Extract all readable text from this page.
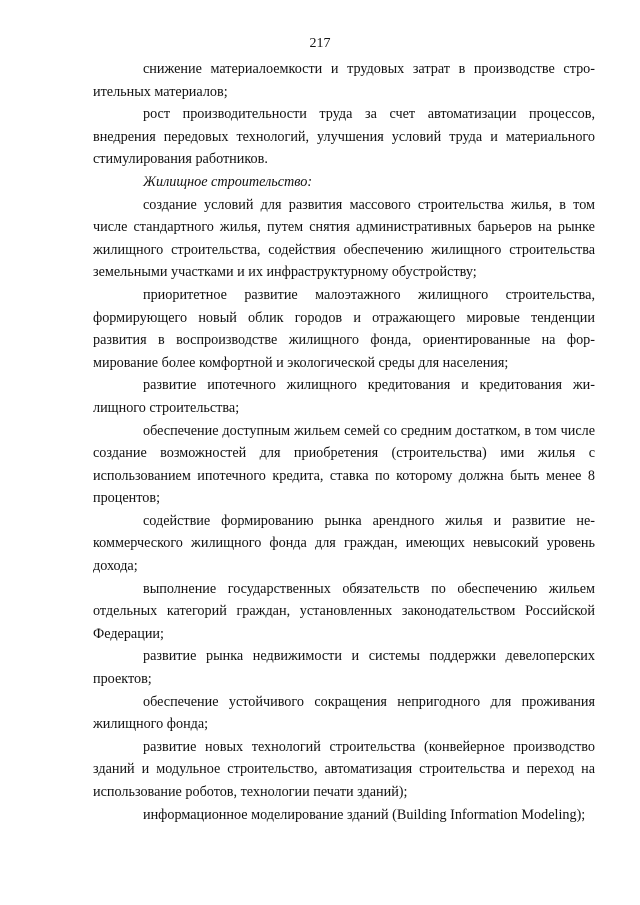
217

снижение материалоемкости и трудовых затрат в производстве строительных материалов;

рост производительности труда за счет автоматизации процессов, внедрения передовых технологий, улучшения условий труда и материального стимулирования работников.

Жилищное строительство:

создание условий для развития массового строительства жилья, в том числе стандартного жилья, путем снятия административных барьеров на рынке жилищного строительства, содействия обеспечению жилищного строительства земельными участками и их инфраструктурному обустройству;

приоритетное развитие малоэтажного жилищного строительства, формирующего новый облик городов и отражающего мировые тенденции развития в воспроизводстве жилищного фонда, ориентированные на формирование более комфортной и экологической среды для населения;

развитие ипотечного жилищного кредитования и кредитования жилищного строительства;

обеспечение доступным жильем семей со средним достатком, в том числе создание возможностей для приобретения (строительства) ими жилья с использованием ипотечного кредита, ставка по которому должна быть менее 8 процентов;

содействие формированию рынка арендного жилья и развитие некоммерческого жилищного фонда для граждан, имеющих невысокий уровень дохода;

выполнение государственных обязательств по обеспечению жильем отдельных категорий граждан, установленных законодательством Российской Федерации;

развитие рынка недвижимости и системы поддержки девелоперских проектов;

обеспечение устойчивого сокращения непригодного для проживания жилищного фонда;

развитие новых технологий строительства (конвейерное производство зданий и модульное строительство, автоматизация строительства и переход на использование роботов, технологии печати зданий);

информационное моделирование зданий (Building Information Modeling);
